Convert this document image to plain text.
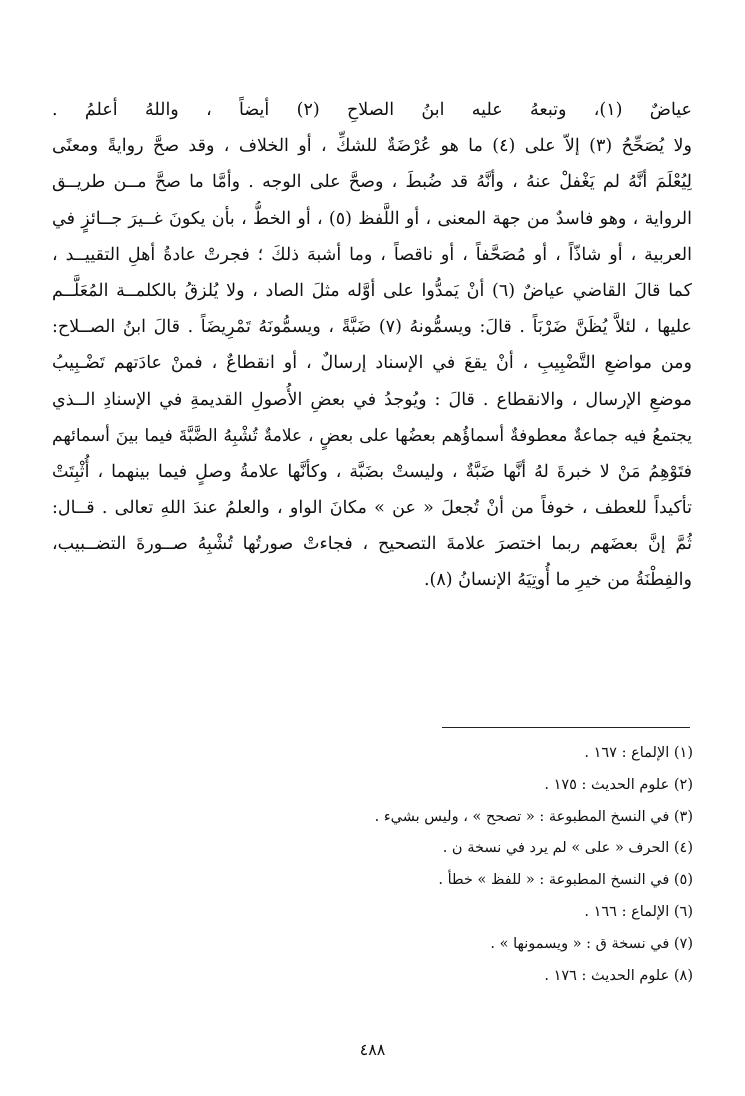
عياضٌ (١)، وتبعهُ عليه ابنُ الصلاحِ (٢) أيضاً ، واللهُ أعلمُ .
ولا يُصَحِّحُ (٣) إلاّ على (٤) ما هو عُرْضَةٌ للشكِّ ، أو الخلاف ، وقد صحَّ روايةً ومعنًى
لِيُعْلَمَ أنَّهُ لم يَغْفلْ عنهُ ، وأنَّهُ قد ضُبطَ ، وصحَّ على الوجه . وأمَّا ما صحَّ مــن طريــق
الرواية ، وهو فاسدٌ من جهة المعنى ، أو اللَّفظ (٥) ، أو الخطُّ ، بأن يكونَ غــيرَ جــائزٍ في
العربية ، أو شاذّاً ، أو مُصَحَّفاً ، أو ناقصاً ، وما أشبهَ ذلكَ ؛ فجرتْ عادةُ أهلِ التقييــد ،
كما قالَ القاضي عياضٌ (٦) أنْ يَمدُّوا على أوَّله مثلَ الصاد ، ولا يُلزقُ بالكلمــة المُعَلَّــم
عليها ، لئلاَّ يُظَنَّ ضَرْبَاً . قالَ: ويسمُّونهُ (٧) ضَبَّةً ، ويسمُّونَهُ تَمْرِيضَاً . قالَ ابنُ الصــلاح:
ومن مواضعِ التَّضْبِيبِ ، أنْ يقعَ في الإسناد إرسالٌ ، أو انقطاعٌ ، فمنْ عادَتهم تَضْـبِيبُ
موضعِ الإرسال ، والانقطاع . قالَ : ويُوجدُ في بعضِ الأُصولِ القديمةِ في الإسنادِ الــذي
يجتمعُ فيه جماعةٌ معطوفةٌ أسماؤُهم بعضُها على بعضٍ ، علامةٌ تُشْبِهُ الضَّبَّةَ فيما بينَ أسمائهم
فتَوْهِمُ مَنْ لا خبرةَ لهُ أنَّها ضَبَّةٌ ، وليستْ بضَبَّة ، وكأنَّها علامةُ وصلٍ فيما بينهما ، أُثْبِتَتْ
تأكيداً للعطف ، خوفاً من أنْ تُجعلَ « عن » مكانَ الواو ، والعلمُ عندَ اللهِ تعالى . قــال:
ثُمَّ إنَّ بعضَهم ربما اختصرَ علامةَ التصحيح ، فجاءتْ صورتُها تُشْبِهُ صــورةَ التضــبيب،
والفِطْنَةُ من خيرِ ما أُوتِيَهُ الإنسانُ (٨).
(١) الإلماع : ١٦٧ .
(٢) علوم الحديث : ١٧٥ .
(٣) في النسخ المطبوعة : « تصحح » ، وليس بشيء .
(٤) الحرف « على » لم يرد في نسخة ن .
(٥) في النسخ المطبوعة : « للفظ » خطأ .
(٦) الإلماع : ١٦٦ .
(٧) في نسخة ق : « ويسمونها » .
(٨) علوم الحديث : ١٧٦ .
٤٨٨
